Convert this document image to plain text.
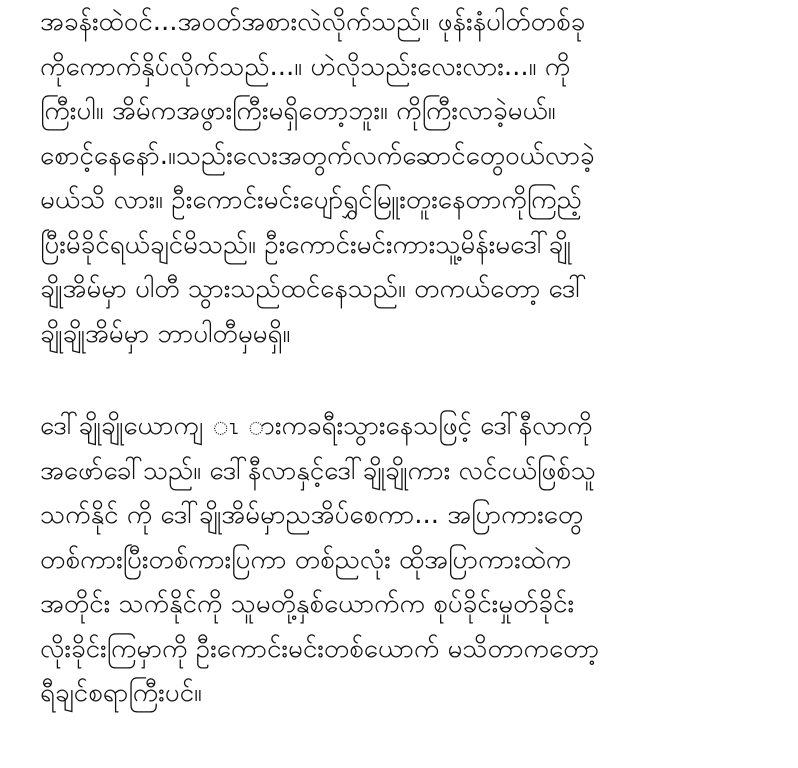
အခန်းထဲဝင်...အဝတ်အစားလဲလိုက်သည်။ ဖုန်းနံပါတ်တစ်ခု
ကိုကောက်နှိပ်လိုက်သည်...။ ဟဲလိုသည်းလေးလား...။ ကို
ကြီးပါ။ အိမ်ကအဖွားကြီးမရှိတော့ဘူး။ ကိုကြီးလာခဲ့မယ်။
စောင့်နေနော်.။သည်းလေးအတွက်လက်ဆောင်တွေဝယ်လာခဲ့
မယ်သိ လား။ ဦးကောင်းမင်းပျော်ရွှင်မြူးတူးနေတာကိုကြည့်
ပြီးမိခိုင်ရယ်ချင်မိသည်။ ဦးကောင်းမင်းကားသူ့မိန်းမဒေါ်ချို
ချိုအိမ်မှာ ပါတီ သွားသည်ထင်နေသည်။ တကယ်တော့ ဒေါ်
ချိုချိုအိမ်မှာ ဘာပါတီမှမရှိ။
ဒေါ်ချိုချိုယောကျ ၤ ားကခရီးသွားနေသဖြင့် ဒေါ်နီလာကို
အဖော်ခေါ်သည်။ ဒေါ်နီလာနှင့်ဒေါ်ချိုချိုကား လင်ငယ်ဖြစ်သူ
သက်နိုင် ကို ဒေါ်ချိုအိမ်မှာညအိပ်စေကာ... အပြာကားတွေ
တစ်ကားပြီးတစ်ကားပြကာ တစ်ညလုံး ထိုအပြာကားထဲက
အတိုင်း သက်နိုင်ကို သူမတို့နှစ်ယောက်က စုပ်ခိုင်းမှုတ်ခိုင်း
လိုးခိုင်းကြမှာကို ဦးကောင်းမင်းတစ်ယောက် မသိတာကတော့
ရီချင်စရာကြီးပင်။
